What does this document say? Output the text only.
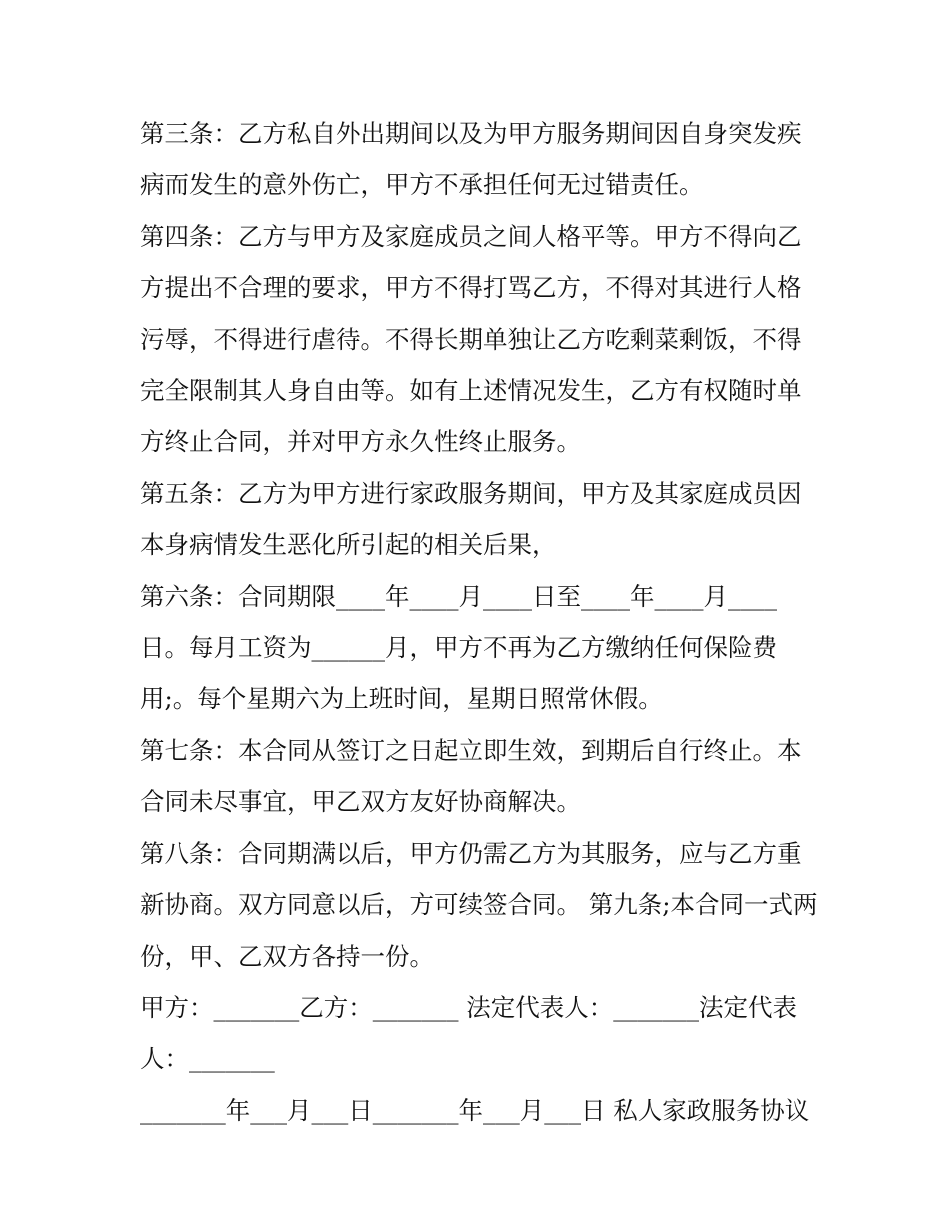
第三条：乙方私自外出期间以及为甲方服务期间因自身突发疾病而发生的意外伤亡，甲方不承担任何无过错责任。

第四条：乙方与甲方及家庭成员之间人格平等。甲方不得向乙方提出不合理的要求，甲方不得打骂乙方，不得对其进行人格污辱，不得进行虐待。不得长期单独让乙方吃剩菜剩饭，不得完全限制其人身自由等。如有上述情况发生，乙方有权随时单方终止合同，并对甲方永久性终止服务。

第五条：乙方为甲方进行家政服务期间，甲方及其家庭成员因本身病情发生恶化所引起的相关后果，

第六条：合同期限____年____月____日至____年____月____日。每月工资为______月，甲方不再为乙方缴纳任何保险费用;。每个星期六为上班时间，星期日照常休假。

第七条：本合同从签订之日起立即生效，到期后自行终止。本合同未尽事宜，甲乙双方友好协商解决。

第八条：合同期满以后，甲方仍需乙方为其服务，应与乙方重新协商。双方同意以后，方可续签合同。 第九条;本合同一式两份，甲、乙双方各持一份。

甲方：_______乙方：_______ 法定代表人：_______法定代表人：_______

_______年___月___日_______年___月___日 私人家政服务协议
